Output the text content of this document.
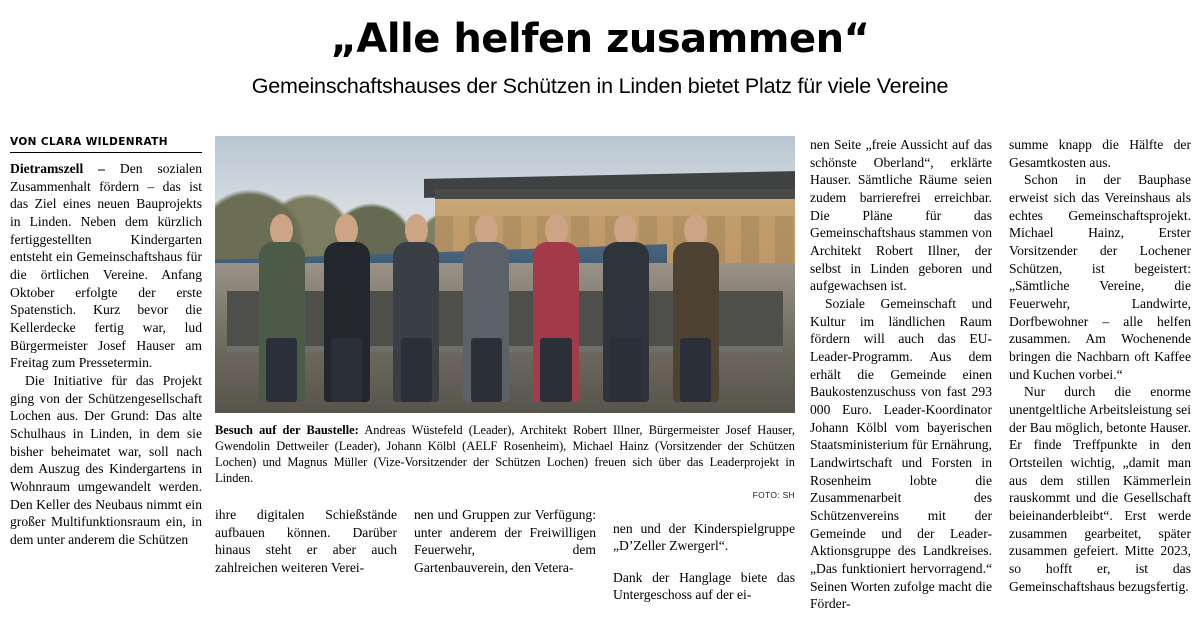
„Alle helfen zusammen“
Gemeinschaftshauses der Schützen in Linden bietet Platz für viele Vereine
VON CLARA WILDENRATH

Dietramszell – Den sozialen Zusammenhalt fördern – das ist das Ziel eines neuen Bauprojekts in Linden. Neben dem kürzlich fertiggestellten Kindergarten entsteht ein Gemeinschaftshaus für die örtlichen Vereine. Anfang Oktober erfolgte der erste Spatenstich. Kurz bevor die Kellerdecke fertig war, lud Bürgermeister Josef Hauser am Freitag zum Pressetermin.

Die Initiative für das Projekt ging von der Schützengesellschaft Lochen aus. Der Grund: Das alte Schulhaus in Linden, in dem sie bisher beheimatet war, soll nach dem Auszug des Kindergartens in Wohnraum umgewandelt werden. Den Keller des Neubaus nimmt ein großer Multifunktionsraum ein, in dem unter anderem die Schützen

Besuch auf der Baustelle: Andreas Wüstefeld (Leader), Architekt Robert Illner, Bürgermeister Josef Hauser, Gwendolin Dettweiler (Leader), Johann Kölbl (AELF Rosenheim), Michael Hainz (Vorsitzender der Schützen Lochen) und Magnus Müller (Vize-Vorsitzender der Schützen Lochen) freuen sich über das Leaderprojekt in Linden.
FOTO: SH
ihre digitalen Schießstände aufbauen können. Darüber hinaus steht er aber auch zahlreichen weiteren Verei-
nen und Gruppen zur Verfügung: unter anderem der Freiwilligen Feuerwehr, dem Gartenbauverein, den Vetera-

nen und der Kinderspielgruppe „D’Zeller Zwergerl“.

Dank der Hanglage biete das Untergeschoss auf der ei-

nen Seite „freie Aussicht auf das schönste Oberland“, erklärte Hauser. Sämtliche Räume seien zudem barrierefrei erreichbar. Die Pläne für das Gemeinschaftshaus stammen von Architekt Robert Illner, der selbst in Linden geboren und aufgewachsen ist.

Soziale Gemeinschaft und Kultur im ländlichen Raum fördern will auch das EU-Leader-Programm. Aus dem erhält die Gemeinde einen Baukostenzuschuss von fast 293 000 Euro. Leader-Koordinator Johann Kölbl vom bayerischen Staatsministerium für Ernährung, Landwirtschaft und Forsten in Rosenheim lobte die Zusammenarbeit des Schützenvereins mit der Gemeinde und der Leader-Aktionsgruppe des Landkreises. „Das funktioniert hervorragend.“ Seinen Worten zufolge macht die Förder-

summe knapp die Hälfte der Gesamtkosten aus.

Schon in der Bauphase erweist sich das Vereinshaus als echtes Gemeinschaftsprojekt. Michael Hainz, Erster Vorsitzender der Lochener Schützen, ist begeistert: „Sämtliche Vereine, die Feuerwehr, Landwirte, Dorfbewohner – alle helfen zusammen. Am Wochenende bringen die Nachbarn oft Kaffee und Kuchen vorbei.“

Nur durch die enorme unentgeltliche Arbeitsleistung sei der Bau möglich, betonte Hauser. Er finde Treffpunkte in den Ortsteilen wichtig, „damit man aus dem stillen Kämmerlein rauskommt und die Gesellschaft beieinanderbleibt“. Erst werde zusammen gearbeitet, später zusammen gefeiert. Mitte 2023, so hofft er, ist das Gemeinschaftshaus bezugsfertig.
